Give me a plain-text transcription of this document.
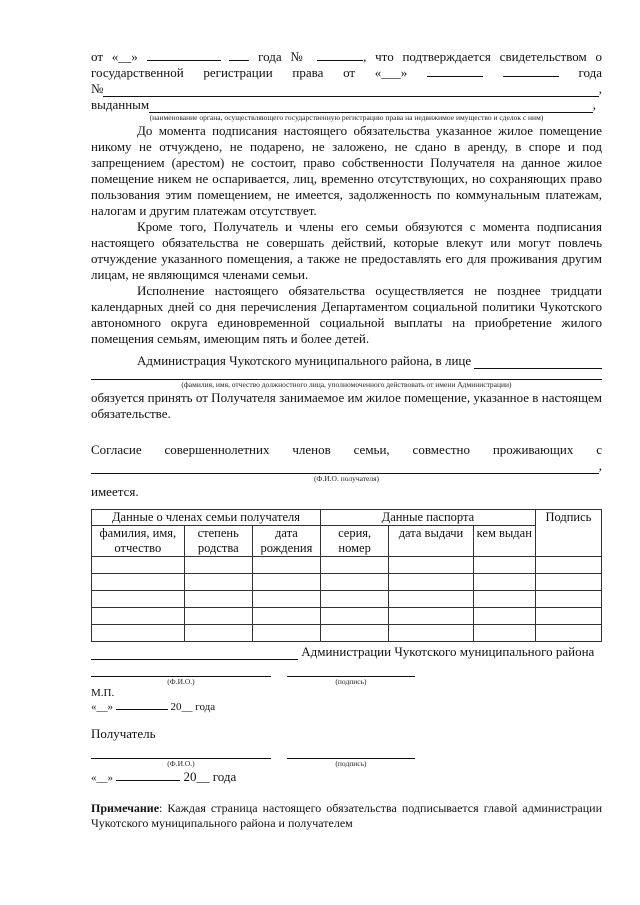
от «__»	года №	, что подтверждается свидетельством о
государственной регистрации права от «___»	года
№	,
выданным	,
(наименование органа, осуществляющего государственную регистрацию права на недвижимое имущество и сделок с ним)

До момента подписания настоящего обязательства указанное жилое помещение никому не отчуждено, не подарено, не заложено, не сдано в аренду, в споре и под запрещением (арестом) не состоит, право собственности Получателя на данное жилое помещение никем не оспаривается, лиц, временно отсутствующих, но сохраняющих право пользования этим помещением, не имеется, задолженность по коммунальным платежам, налогам и другим платежам отсутствует.

Кроме того, Получатель и члены его семьи обязуются с момента подписания настоящего обязательства не совершать действий, которые влекут или могут повлечь отчуждение указанного помещения, а также не предоставлять его для проживания другим лицам, не являющимся членами семьи.

Исполнение настоящего обязательства осуществляется не позднее тридцати календарных дней со дня перечисления Департаментом социальной политики Чукотского автономного округа единовременной социальной выплаты на приобретение жилого помещения семьям, имеющим пять и более детей.

Администрация Чукотского муниципального района, в лице

(фамилия, имя, отчество должностного лица, уполномоченного действовать от имени Администрации)
обязуется принять от Получателя занимаемое им жилое помещение, указанное в настоящем обязательстве.
Согласие совершеннолетних членов семьи, совместно проживающих с
,
(Ф.И.О. получателя)
имеется.
Данные о членах семьи получателя			Данные паспорта			Подпись
фамилия, имя, отчество	степень родства	дата рождения	серия, номер	дата выдачи	кем выдан	

Администрации Чукотского муниципального района
(Ф.И.О.)	(подпись)
М.П.
«__»	20__ года
Получатель
(Ф.И.О.)	(подпись)
«__»	20__ года
Примечание: Каждая страница настоящего обязательства подписывается главой администрации Чукотского муниципального района и получателем
